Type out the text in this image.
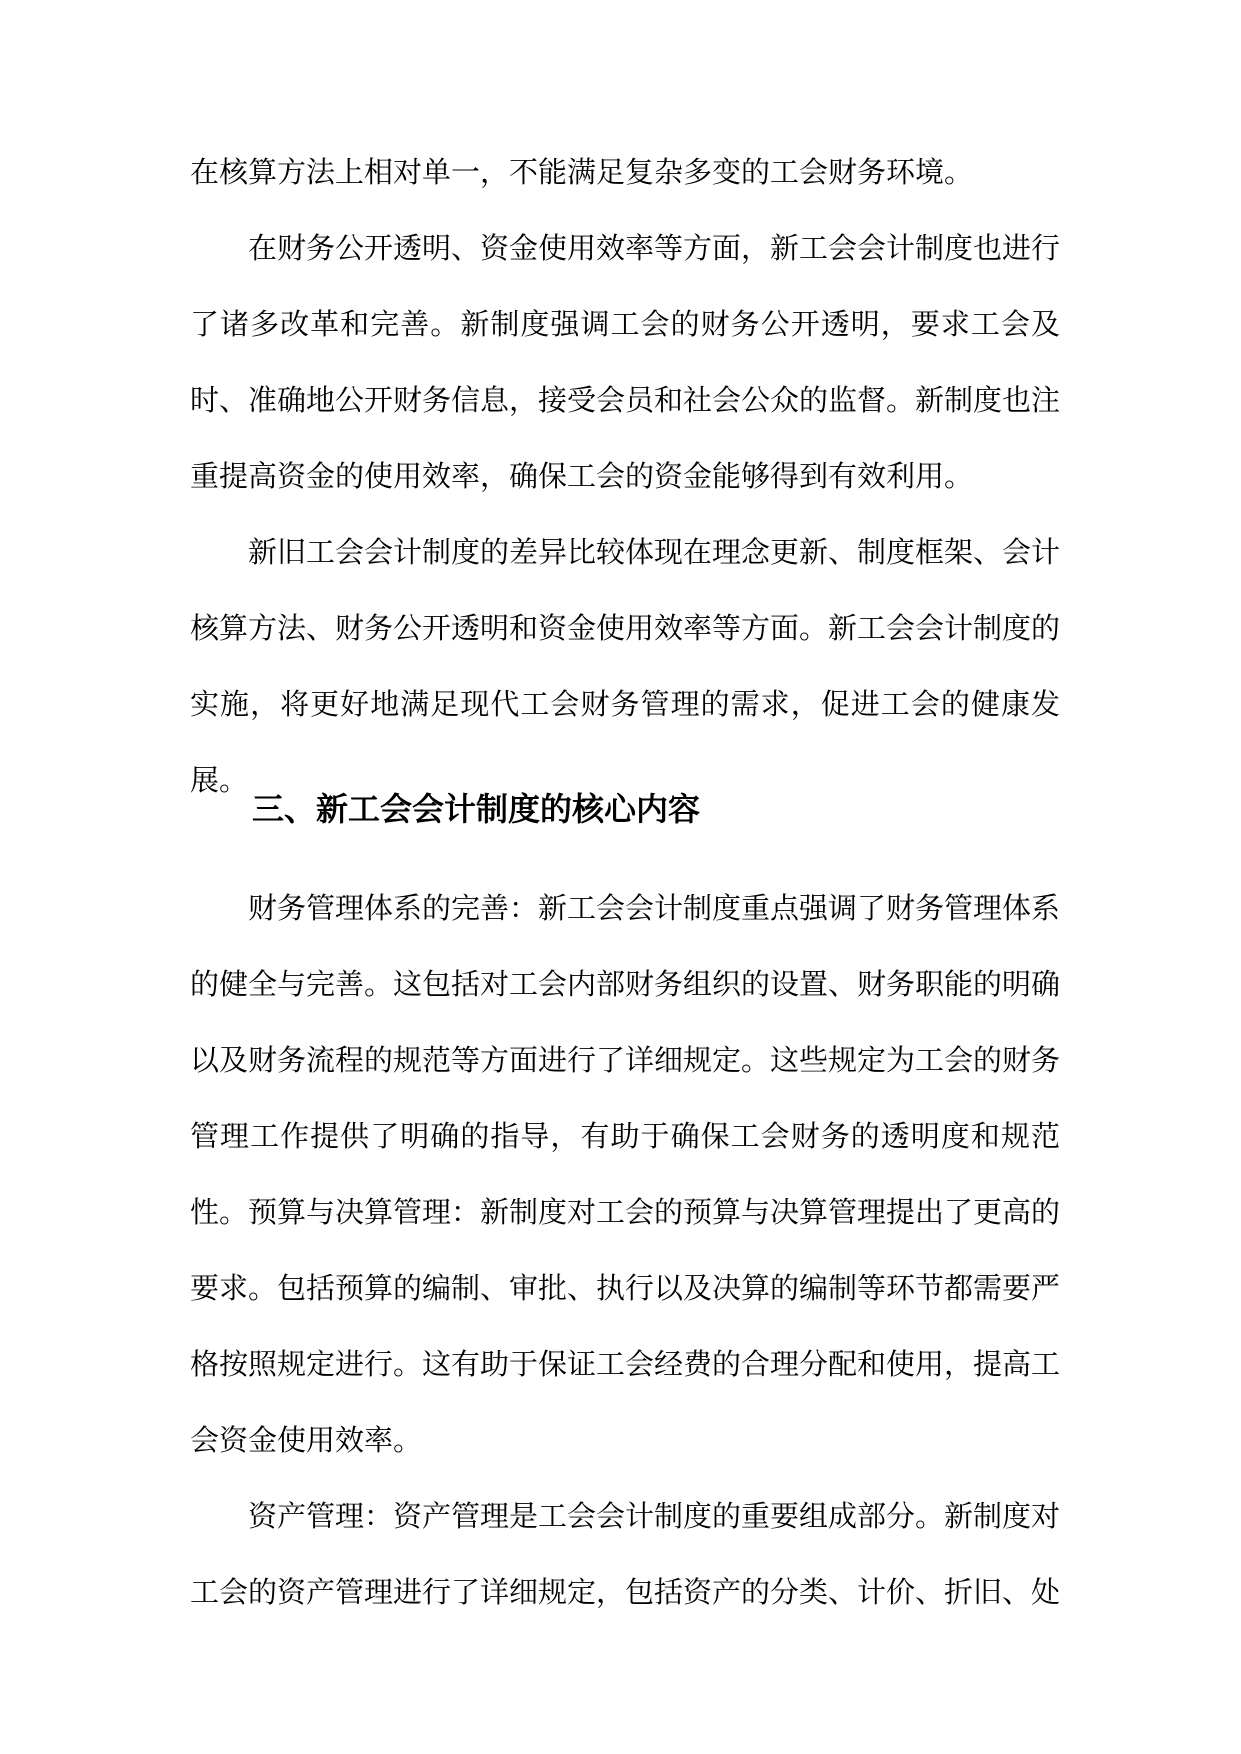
在核算方法上相对单一，不能满足复杂多变的工会财务环境。

在财务公开透明、资金使用效率等方面，新工会会计制度也进行了诸多改革和完善。新制度强调工会的财务公开透明，要求工会及时、准确地公开财务信息，接受会员和社会公众的监督。新制度也注重提高资金的使用效率，确保工会的资金能够得到有效利用。

新旧工会会计制度的差异比较体现在理念更新、制度框架、会计核算方法、财务公开透明和资金使用效率等方面。新工会会计制度的实施，将更好地满足现代工会财务管理的需求，促进工会的健康发展。

三、新工会会计制度的核心内容

财务管理体系的完善：新工会会计制度重点强调了财务管理体系的健全与完善。这包括对工会内部财务组织的设置、财务职能的明确以及财务流程的规范等方面进行了详细规定。这些规定为工会的财务管理工作提供了明确的指导，有助于确保工会财务的透明度和规范性。 预算与决算管理：新制度对工会的预算与决算管理提出了更高的要求。包括预算的编制、审批、执行以及决算的编制等环节都需要严格按照规定进行。这有助于保证工会经费的合理分配和使用，提高工会资金使用效率。

资产管理：资产管理是工会会计制度的重要组成部分。新制度对工会的资产管理进行了详细规定，包括资产的分类、计价、折旧、处
